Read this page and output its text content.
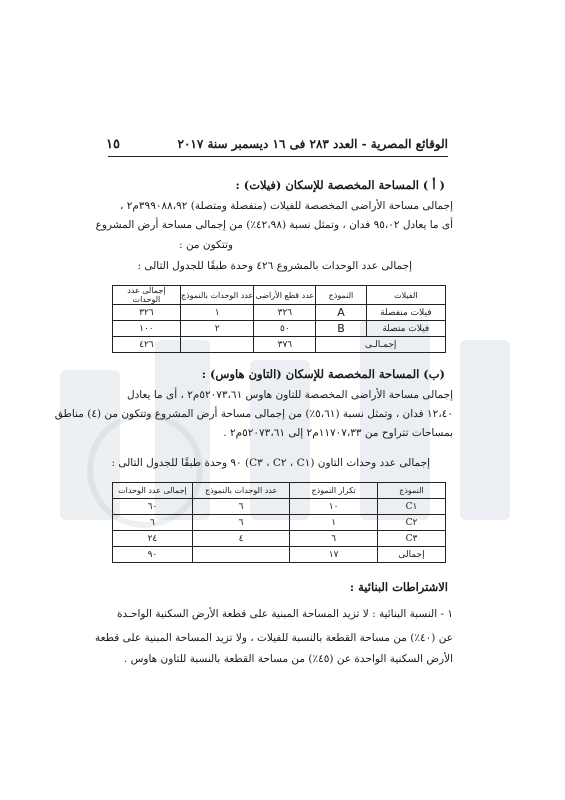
الوقائع المصرية - العدد ٢٨٣ فى ١٦ ديسمبر سنة ٢٠١٧
١٥
( أ ) المساحة المخصصة للإسكان (فيلات) :
إجمالى مساحة الأراضى المخصصة للفيلات (منفصلة ومتصلة) ٣٩٩٠٨٨،٩٢م٢ ،
أى ما يعادل ٩٥،٠٢ فدان ، وتمثل نسبة (٤٢،٩٨٪) من إجمالى مساحة أرض المشروع
وتتكون من :
إجمالى عدد الوحدات بالمشروع ٤٢٦ وحدة طبقًا للجدول التالى :
الفيلات	النموذج	عدد قطع الأراضى	عدد الوحدات بالنموذج	إجمالى عدد الوحدات
فيلات منفصلة	A	٣٢٦	١	٣٢٦
فيلات متصلة	B	٥٠	٢	١٠٠
إجمـالـى		٣٧٦		٤٢٦
(ب) المساحة المخصصة للإسكان (التاون هاوس) :
إجمالى مساحة الأراضى المخصصة للتاون هاوس ٥٢٠٧٣،٦١م٢ ، أى ما يعادل
١٢،٤٠ فدان ، وتمثل نسبة (٥،٦١٪) من إجمالى مساحة أرض المشروع وتتكون من (٤) مناطق
بمساحات تتراوح من ١١٧٠٧،٣٣م٢ إلى ٥٢٠٧٣،٦١م٢ .
إجمالى عدد وحدات التاون (C١ ، C٢ ، C٣) ٩٠ وحدة طبقًا للجدول التالى :
النموذج	تكرار النموذج	عدد الوحدات بالنموذج	إجمالى عدد الوحدات
C١	١٠	٦	٦٠
C٢	١	٦	٦
C٣	٦	٤	٢٤
إجمالى	١٧		٩٠
الاشتراطات البنائية :
١ - النسبة البنائية : لا تزيد المساحة المبنية على قطعة الأرض السكنية الواحـدة
عن (٤٠٪) من مساحة القطعة بالنسبة للفيلات ، ولا تزيد المساحة المبنية على قطعة
الأرض السكنية الواحدة عن (٤٥٪) من مساحة القطعة بالنسبة للتاون هاوس .
